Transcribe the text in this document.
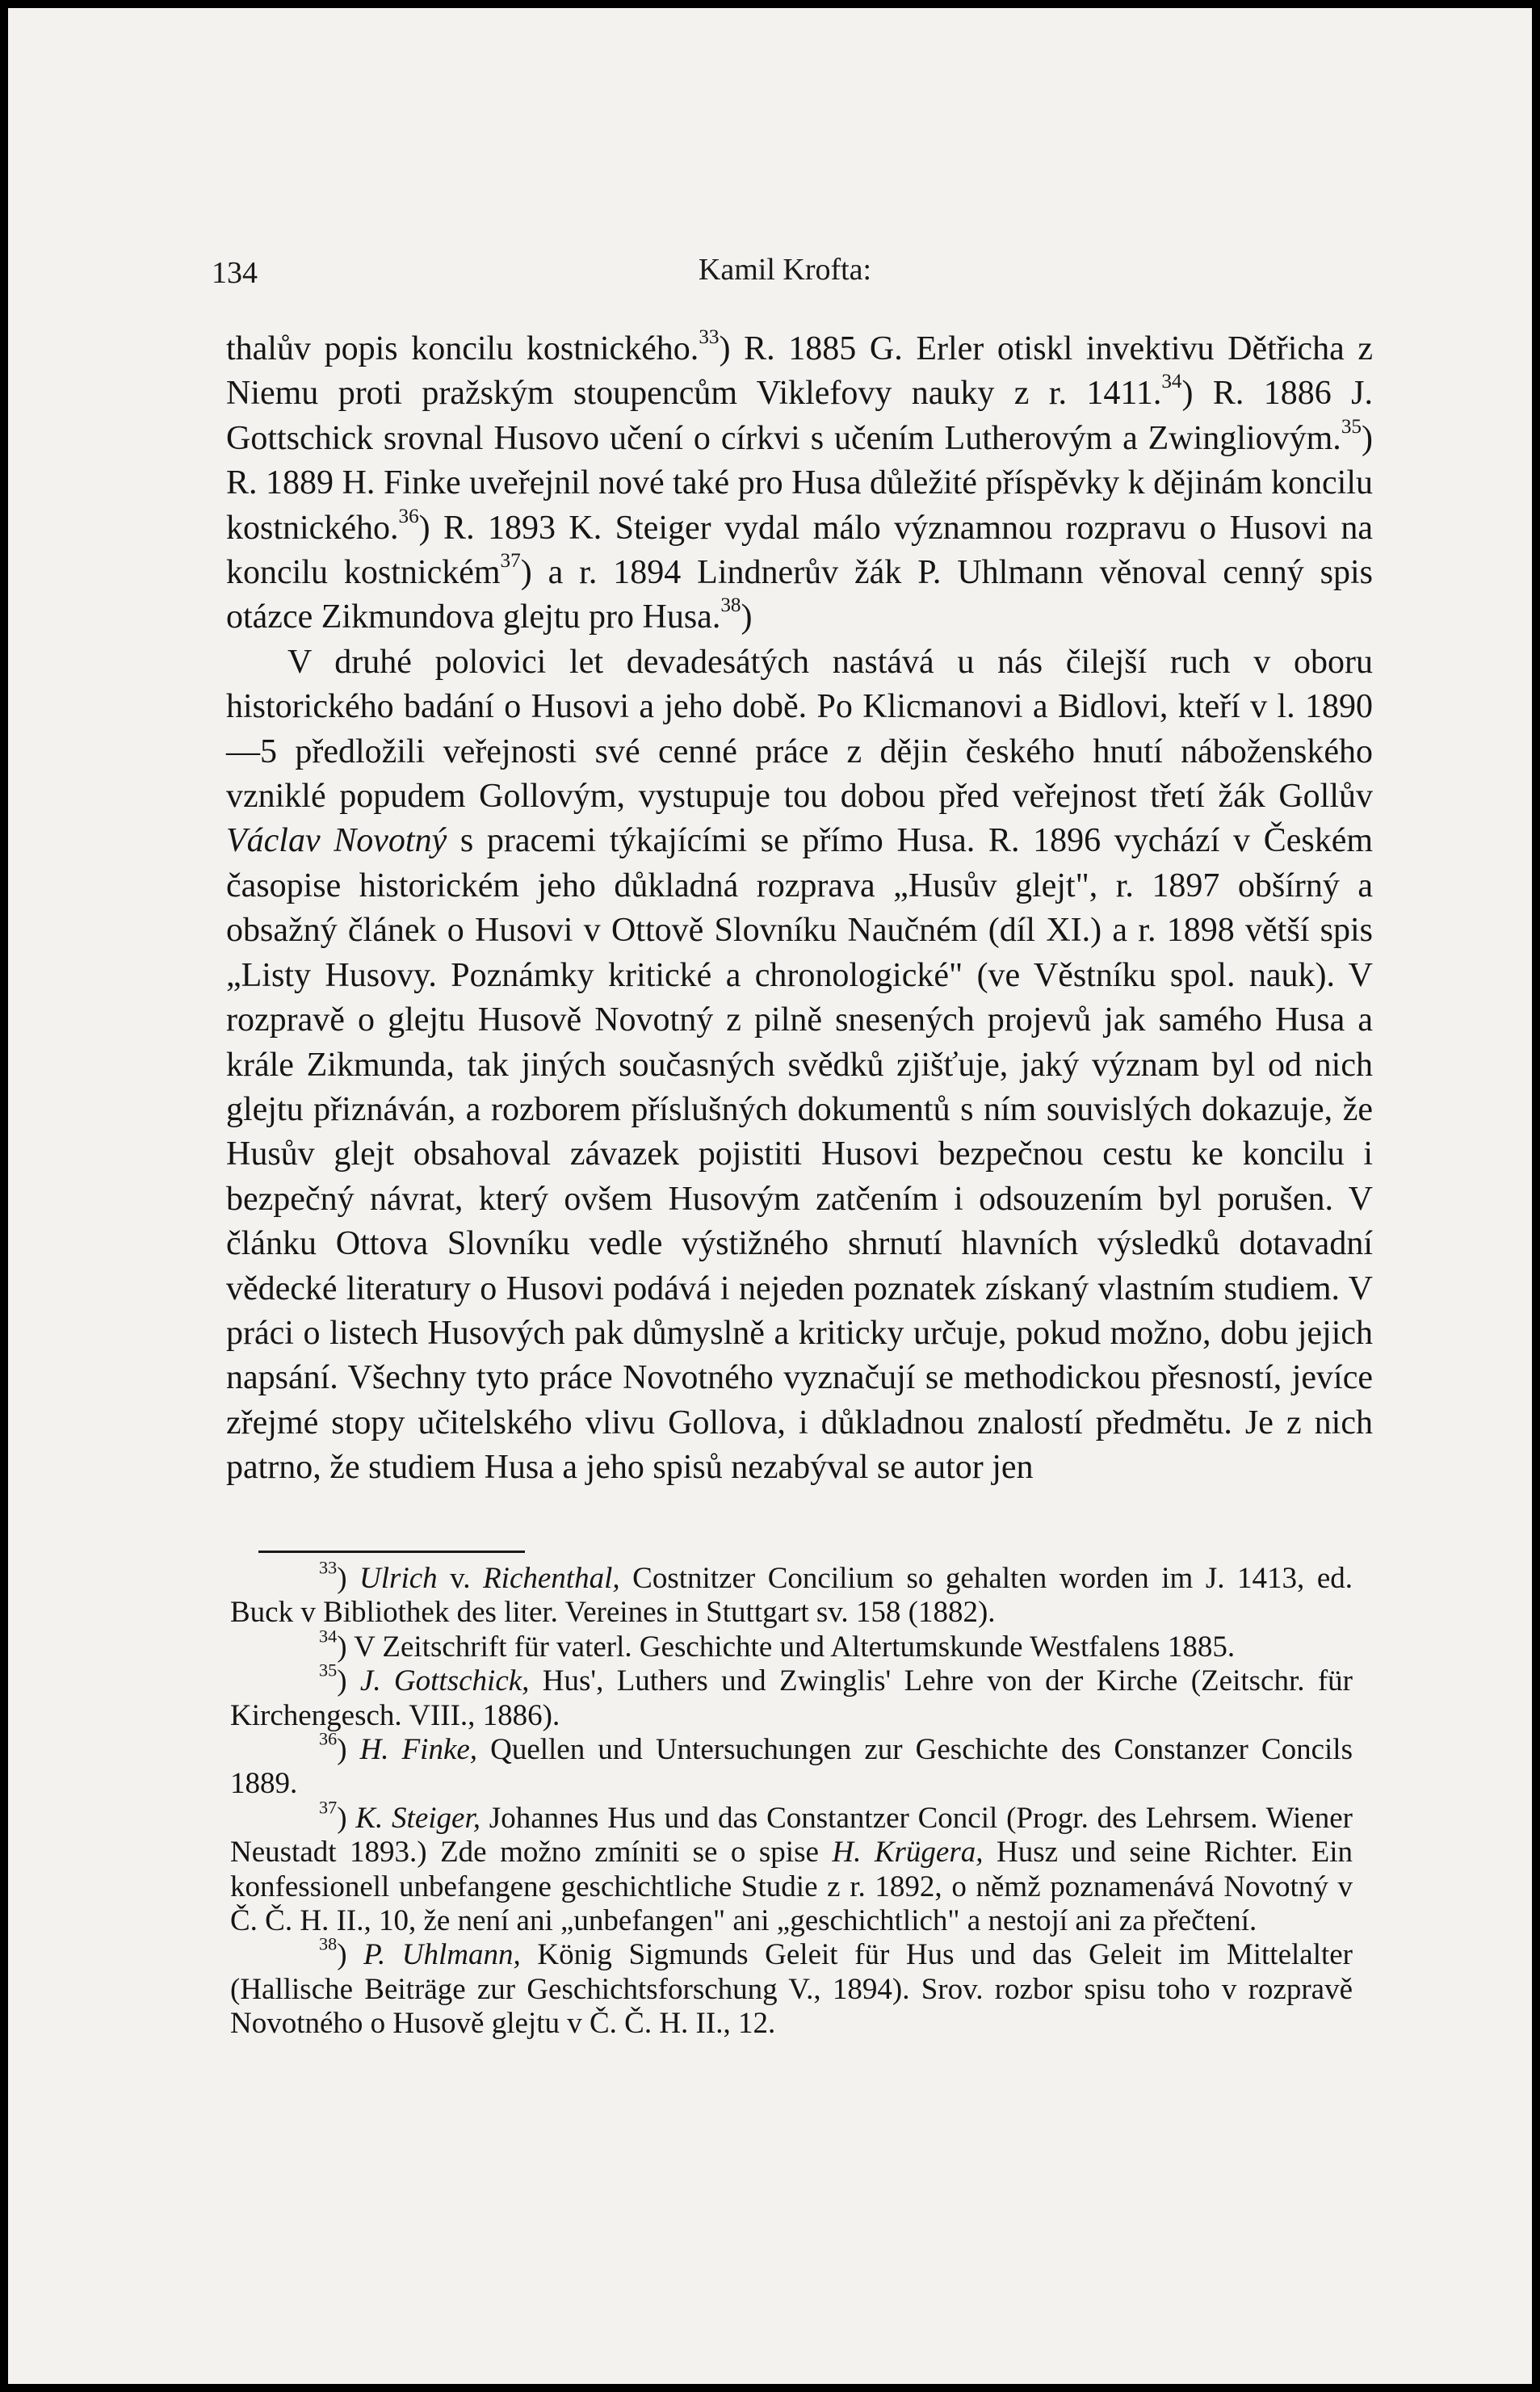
134	Kamil Krofta:

thalův popis koncilu kostnického.$^{33}$) R. 1885 G. Erler otiskl invektivu Dětřicha z Niemu proti pražským stoupencům Viklefovy nauky z r. 1411.34) R. 1886 J. Gottschick srovnal Husovo učení o církvi s učením Lutherovým a Zwingliovým.$^{35}$) R. 1889 H. Finke uveřejnil nové také pro Husa důležité příspěvky k dějinám koncilu kostnického.$^{36}$) R. 1893 K. Steiger vydal málo významnou rozpravu o Husovi na koncilu kostnickém$^{37}$) a r. 1894 Lindnerův žák P. Uhlmann věnoval cenný spis otázce Zikmundova glejtu pro Husa.$^{38}$)

V druhé polovici let devadesátých nastává u nás čilejší ruch v oboru historického badání o Husovi a jeho době. Po Klicmanovi a Bidlovi, kteří v l. 1890—5 předložili veřejnosti své cenné práce z dějin českého hnutí náboženského vzniklé popudem Gollovým, vystupuje tou dobou před veřejnost třetí žák Gollův Václav Novotný s pracemi týkajícími se přímo Husa. R. 1896 vychází v Českém časopise historickém jeho důkladná rozprava „Husův glejt", r. 1897 obšírný a obsažný článek o Husovi v Ottově Slovníku Naučném (díl XI.) a r. 1898 větší spis „Listy Husovy. Poznámky kritické a chronologické" (ve Věstníku spol. nauk). V rozpravě o glejtu Husově Novotný z pilně snesených projevů jak samého Husa a krále Zikmunda, tak jiných současných svědků zjišťuje, jaký význam byl od nich glejtu přiznáván, a rozborem příslušných dokumentů s ním souvislých dokazuje, že Husův glejt obsahoval závazek pojistiti Husovi bezpečnou cestu ke koncilu i bezpečný návrat, který ovšem Husovým zatčením i odsouzením byl porušen. V článku Ottova Slovníku vedle výstižného shrnutí hlavních výsledků dotavadní vědecké literatury o Husovi podává i nejeden poznatek získaný vlastním studiem. V práci o listech Husových pak důmyslně a kriticky určuje, pokud možno, dobu jejich napsání. Všechny tyto práce Novotného vyznačují se methodickou přesností, jevíce zřejmé stopy učitelského vlivu Gollova, i důkladnou znalostí předmětu. Je z nich patrno, že studiem Husa a jeho spisů nezabýval se autor jen

$^{33}$) Ulrich v. Richenthal, Costnitzer Concilium so gehalten worden im J. 1413, ed. Buck v Bibliothek des liter. Vereines in Stuttgart sv. 158 (1882).

$^{34}$) V Zeitschrift für vaterl. Geschichte und Altertumskunde Westfalens 1885.

$^{35}$) J. Gottschick, Hus', Luthers und Zwinglis' Lehre von der Kirche (Zeitschr. für Kirchengesch. VIII., 1886).

$^{36}$) H. Finke, Quellen und Untersuchungen zur Geschichte des Constanzer Concils 1889.

$^{37}$) K. Steiger, Johannes Hus und das Constantzer Concil (Progr. des Lehrsem. Wiener Neustadt 1893.) Zde možno zmíniti se o spise H. Krügera, Husz und seine Richter. Ein konfessionell unbefangene geschichtliche Studie z r. 1892, o němž poznamenává Novotný v Č. Č. H. II., 10, že není ani „unbefangen" ani „geschichtlich" a nestojí ani za přečtení.

$^{38}$) P. Uhlmann, König Sigmunds Geleit für Hus und das Geleit im Mittelalter (Hallische Beiträge zur Geschichtsforschung V., 1894). Srov. rozbor spisu toho v rozpravě Novotného o Husově glejtu v Č. Č. H. II., 12.
